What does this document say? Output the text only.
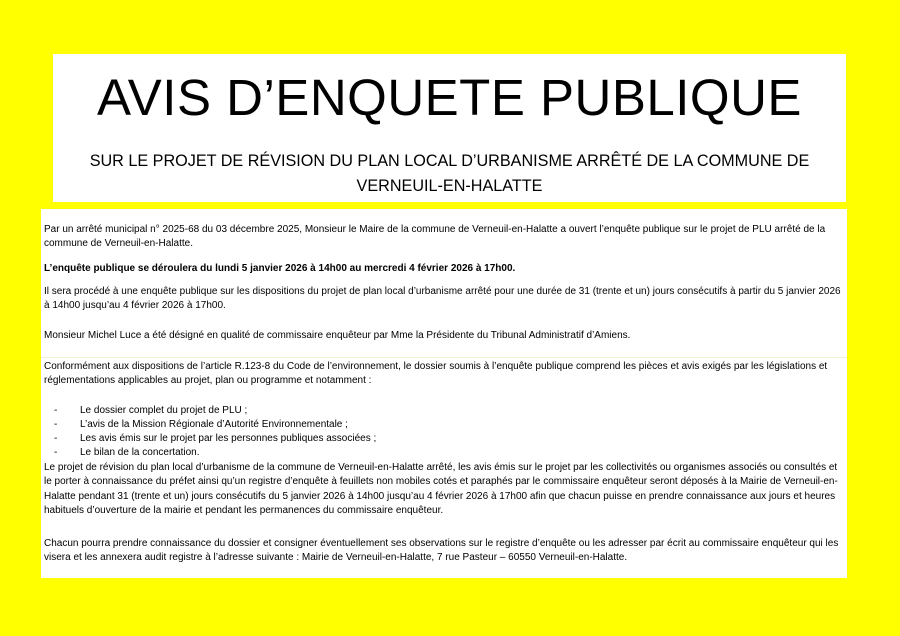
AVIS D’ENQUETE PUBLIQUE
SUR LE PROJET DE RÉVISION DU PLAN LOCAL D’URBANISME ARRÊTÉ DE LA COMMUNE DE
VERNEUIL-EN-HALATTE
Par un arrêté municipal n° 2025-68 du 03 décembre 2025, Monsieur le Maire de la commune de Verneuil-en-Halatte a ouvert l’enquête publique sur le projet de PLU arrêté de la commune de Verneuil-en-Halatte.
L’enquête publique se déroulera du lundi 5 janvier 2026 à 14h00 au mercredi 4 février 2026 à 17h00.
Il sera procédé à une enquête publique sur les dispositions du projet de plan local d’urbanisme arrêté pour une durée de 31 (trente et un) jours consécutifs à partir du 5 janvier 2026 à 14h00 jusqu’au 4 février 2026 à 17h00.
Monsieur Michel Luce a été désigné en qualité de commissaire enquêteur par Mme la Présidente du Tribunal Administratif d’Amiens.
Conformément aux dispositions de l’article R.123-8 du Code de l’environnement, le dossier soumis à l’enquête publique comprend les pièces et avis exigés par les législations et réglementations applicables au projet, plan ou programme et notamment :
- Le dossier complet du projet de PLU ;
- L’avis de la Mission Régionale d’Autorité Environnementale ;
- Les avis émis sur le projet par les personnes publiques associées ;
- Le bilan de la concertation.
Le projet de révision du plan local d’urbanisme de la commune de Verneuil-en-Halatte arrêté, les avis émis sur le projet par les collectivités ou organismes associés ou consultés et le porter à connaissance du préfet ainsi qu’un registre d’enquête à feuillets non mobiles cotés et paraphés par le commissaire enquêteur seront déposés à la Mairie de Verneuil-en-Halatte pendant 31 (trente et un) jours consécutifs du 5 janvier 2026 à 14h00 jusqu’au 4 février 2026 à 17h00 afin que chacun puisse en prendre connaissance aux jours et heures habituels d’ouverture de la mairie et pendant les permanences du commissaire enquêteur.
Chacun pourra prendre connaissance du dossier et consigner éventuellement ses observations sur le registre d’enquête ou les adresser par écrit au commissaire enquêteur qui les visera et les annexera audit registre à l’adresse suivante : Mairie de Verneuil-en-Halatte, 7 rue Pasteur – 60550 Verneuil-en-Halatte.
